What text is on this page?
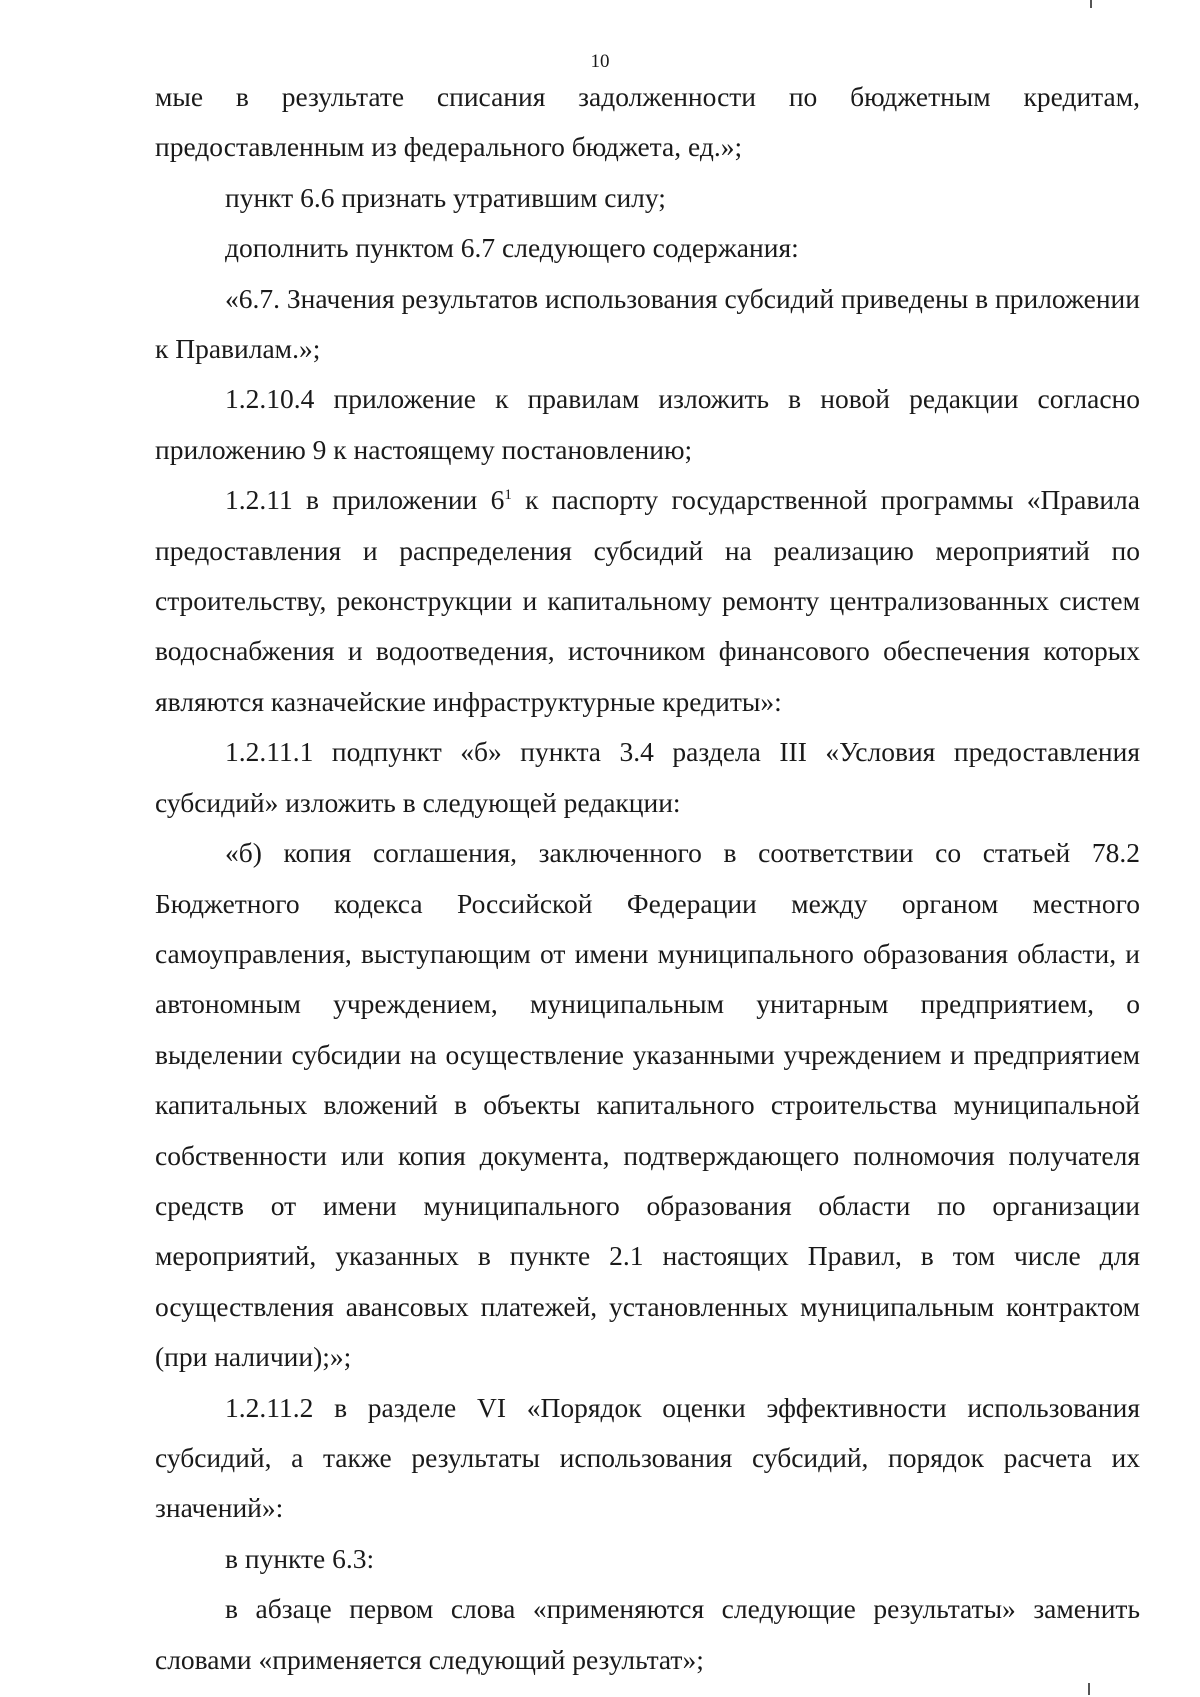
10

мые в результате списания задолженности по бюджетным кредитам, предоставленным из федерального бюджета, ед.»;

пункт 6.6 признать утратившим силу;

дополнить пунктом 6.7 следующего содержания:

«6.7. Значения результатов использования субсидий приведены в приложении к Правилам.»;

1.2.10.4 приложение к правилам изложить в новой редакции согласно приложению 9 к настоящему постановлению;

1.2.11 в приложении $6^1$ к паспорту государственной программы «Правила предоставления и распределения субсидий на реализацию мероприятий по строительству, реконструкции и капитальному ремонту централизованных систем водоснабжения и водоотведения, источником финансового обеспечения которых являются казначейские инфраструктурные кредиты»:

1.2.11.1 подпункт «б» пункта 3.4 раздела III «Условия предоставления субсидий» изложить в следующей редакции:

«б) копия соглашения, заключенного в соответствии со статьей 78.2 Бюджетного кодекса Российской Федерации между органом местного самоуправления, выступающим от имени муниципального образования области, и автономным учреждением, муниципальным унитарным предприятием, о выделении субсидии на осуществление указанными учреждением и предприятием капитальных вложений в объекты капитального строительства муниципальной собственности или копия документа, подтверждающего полномочия получателя средств от имени муниципального образования области по организации мероприятий, указанных в пункте 2.1 настоящих Правил, в том числе для осуществления авансовых платежей, установленных муниципальным контрактом (при наличии);»;

1.2.11.2 в разделе VI «Порядок оценки эффективности использования субсидий, а также результаты использования субсидий, порядок расчета их значений»:

в пункте 6.3:

в абзаце первом слова «применяются следующие результаты» заменить словами «применяется следующий результат»;
